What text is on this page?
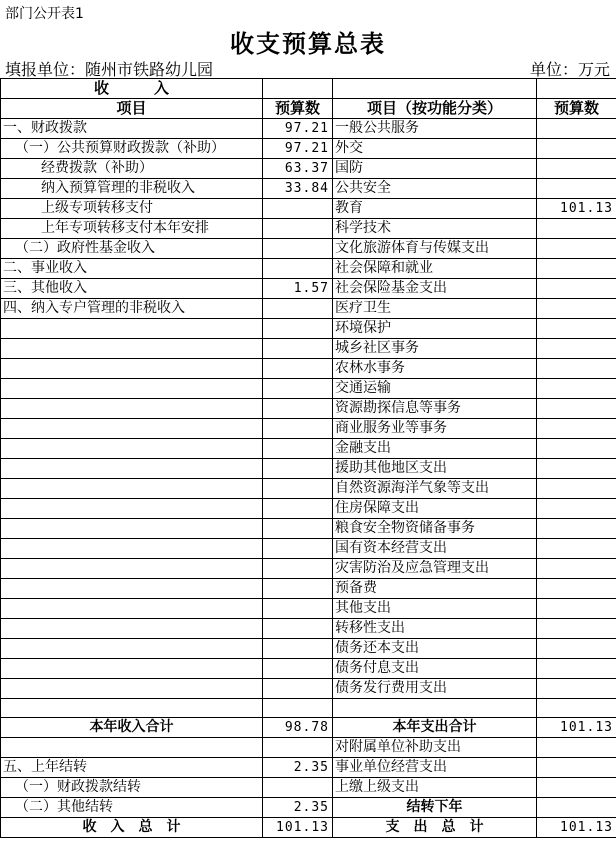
部门公开表1
收支预算总表
填报单位：随州市铁路幼儿园	单位：万元
收　　　入			
项目	预算数	项目（按功能分类）	预算数
一、财政拨款	97.21	一般公共服务	
（一）公共预算财政拨款（补助）	97.21	外交	
经费拨款（补助）	63.37	国防	
纳入预算管理的非税收入	33.84	公共安全	
上级专项转移支付		教育	101.13
上年专项转移支付本年安排		科学技术	
（二）政府性基金收入		文化旅游体育与传媒支出	
二、事业收入		社会保障和就业	
三、其他收入	1.57	社会保险基金支出	
四、纳入专户管理的非税收入		医疗卫生	
		环境保护	
		城乡社区事务	
		农林水事务	
		交通运输	
		资源勘探信息等事务	
		商业服务业等事务	
		金融支出	
		援助其他地区支出	
		自然资源海洋气象等支出	
		住房保障支出	
		粮食安全物资储备事务	
		国有资本经营支出	
		灾害防治及应急管理支出	
		预备费	
		其他支出	
		转移性支出	
		债务还本支出	
		债务付息支出	
		债务发行费用支出	

本年收入合计	98.78	本年支出合计	101.13
		对附属单位补助支出	
五、上年结转	2.35	事业单位经营支出	
（一）财政拨款结转		上缴上级支出	
（二）其他结转	2.35	结转下年	
收　入　总　计	101.13	支　出　总　计	101.13
